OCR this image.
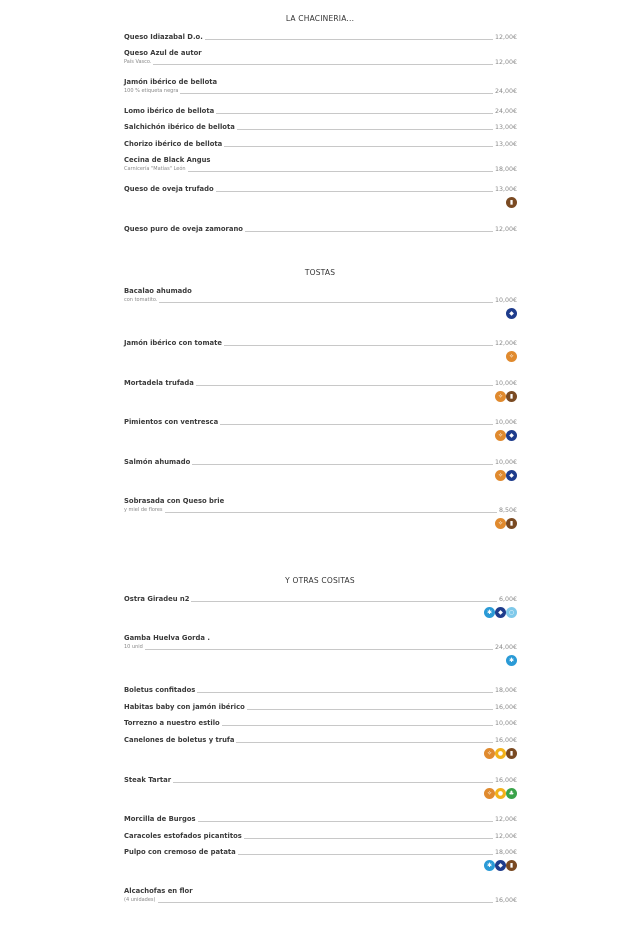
LA CHACINERIA...
Queso Idiazabal D.o.	12,00€
Queso Azul de autor
País Vasco.	12,00€
Jamón ibérico de bellota
100 % etiqueta negra	24,00€
Lomo ibérico de bellota	24,00€
Salchichón ibérico de bellota	13,00€
Chorizo ibérico de bellota	13,00€
Cecina de Black Angus
Carnicería "Matías" León	18,00€
Queso de oveja trufado	13,00€
▮
Queso puro de oveja zamorano	12,00€
TOSTAS
Bacalao ahumado
con tomatito.	10,00€
◆
Jamón ibérico con tomate	12,00€
✧
Mortadela trufada	10,00€
✧	▮
Pimientos con ventresca	10,00€
✧	◆
Salmón ahumado	10,00€
✧	◆
Sobrasada con Queso brie
y miel de flores	8,50€
✧	▮
Y OTRAS COSITAS
Ostra Giradeu n2	6,00€
✱	◆	○
Gamba Huelva Gorda .
10 unid	24,00€
✱
Boletus confitados	18,00€
Habitas baby con jamón ibérico	16,00€
Torrezno a nuestro estilo	10,00€
Canelones de boletus y trufa	16,00€
✧ ●	▮
Steak Tartar	16,00€
✧ ● ♣
Morcilla de Burgos	12,00€
Caracoles estofados picantitos	12,00€
Pulpo con cremoso de patata	18,00€
✱	◆	▮
Alcachofas en flor
(4 unidades)	16,00€
